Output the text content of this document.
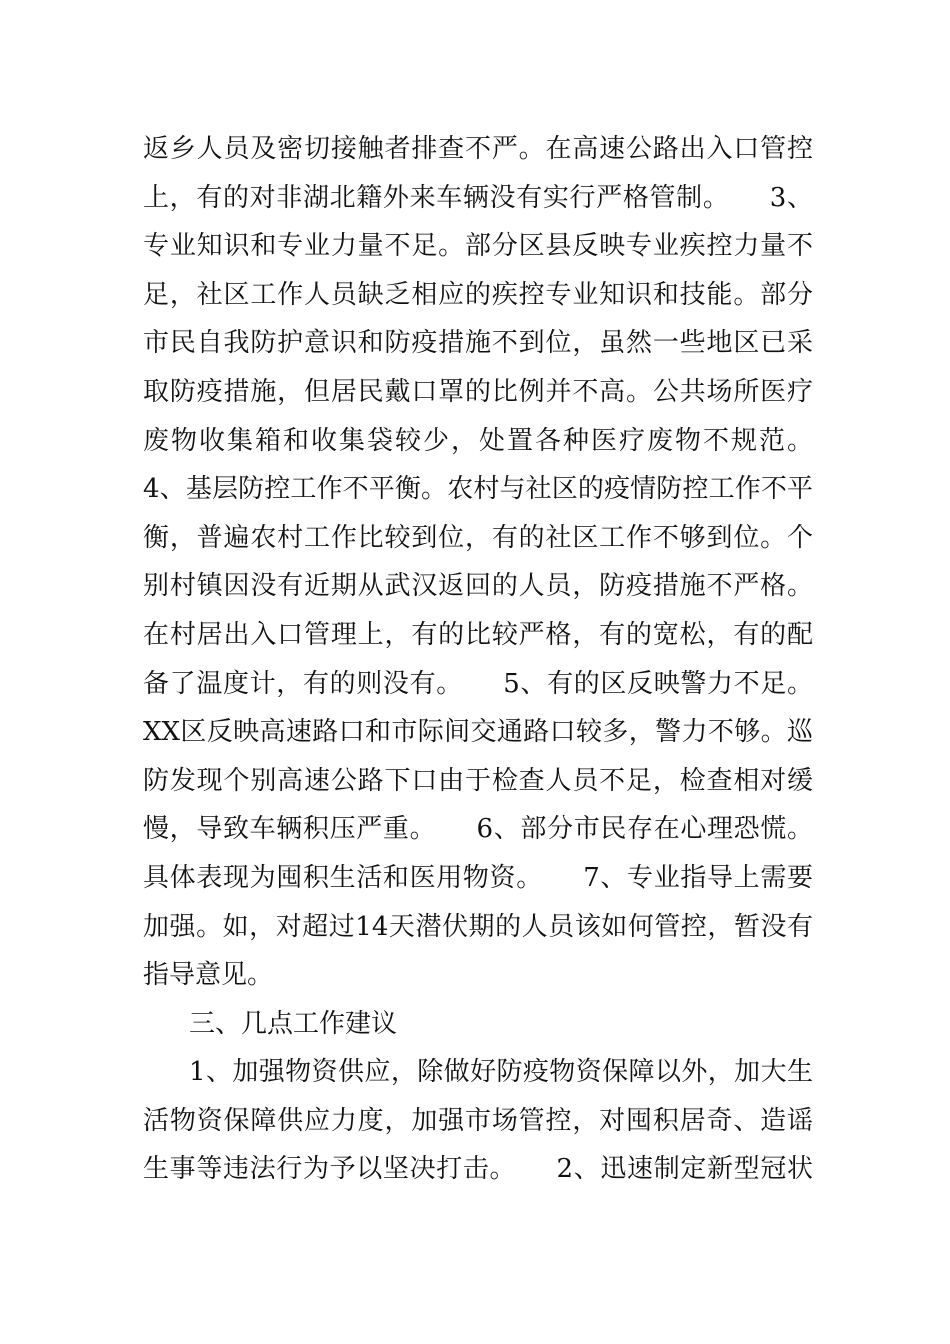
返乡人员及密切接触者排查不严。在高速公路出入口管控
上，有的对非湖北籍外来车辆没有实行严格管制。　　3、
专业知识和专业力量不足。部分区县反映专业疾控力量不
足，社区工作人员缺乏相应的疾控专业知识和技能。部分
市民自我防护意识和防疫措施不到位，虽然一些地区已采
取防疫措施，但居民戴口罩的比例并不高。公共场所医疗
废物收集箱和收集袋较少，处置各种医疗废物不规范。
4、基层防控工作不平衡。农村与社区的疫情防控工作不平
衡，普遍农村工作比较到位，有的社区工作不够到位。个
别村镇因没有近期从武汉返回的人员，防疫措施不严格。
在村居出入口管理上，有的比较严格，有的宽松，有的配
备了温度计，有的则没有。　　5、有的区反映警力不足。
XX区反映高速路口和市际间交通路口较多，警力不够。巡
防发现个别高速公路下口由于检查人员不足，检查相对缓
慢，导致车辆积压严重。　　6、部分市民存在心理恐慌。
具体表现为囤积生活和医用物资。　　7、专业指导上需要
加强。如，对超过14天潜伏期的人员该如何管控，暂没有
指导意见。
三、几点工作建议
1、加强物资供应，除做好防疫物资保障以外，加大生
活物资保障供应力度，加强市场管控，对囤积居奇、造谣
生事等违法行为予以坚决打击。　　2、迅速制定新型冠状
